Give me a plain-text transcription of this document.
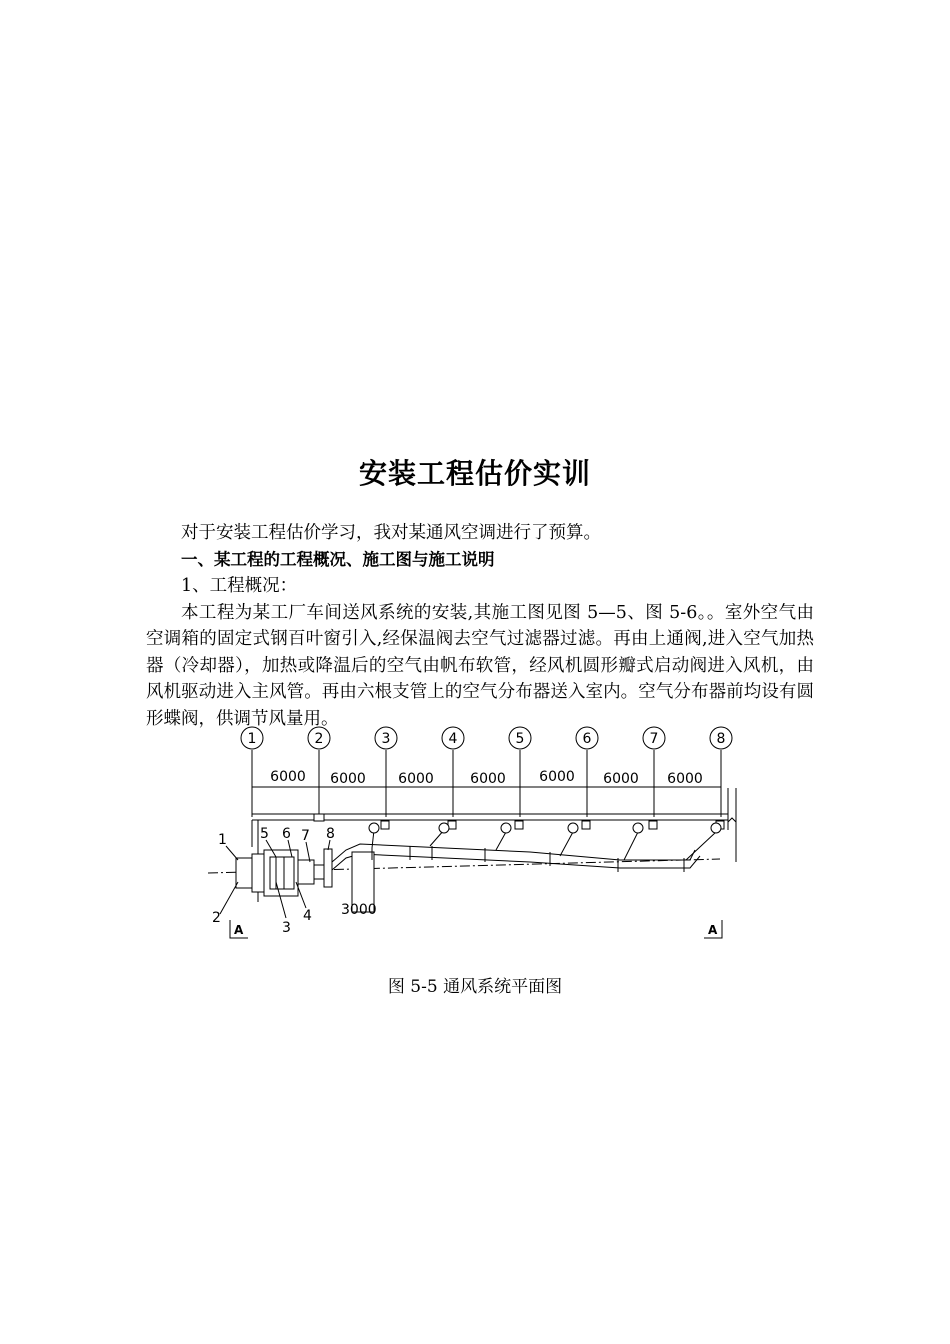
安装工程估价实训

对于安装工程估价学习，我对某通风空调进行了预算。

一、某工程的工程概况、施工图与施工说明

1、工程概况：

本工程为某工厂车间送风系统的安装,其施工图见图 5—5、图 5-6。。室外空气由空调箱的固定式钢百叶窗引入,经保温阀去空气过滤器过滤。再由上通阀,进入空气加热器（冷却器），加热或降温后的空气由帆布软管，经风机圆形瓣式启动阀进入风机，由风机驱动进入主风管。再由六根支管上的空气分布器送入室内。空气分布器前均设有圆形蝶阀，供调节风量用。

1	2	3	4	5	6	7	8
6000 6000 6000	6000 6000 6000 6000
1
2
3
4
5 6 7 8
3000
A	A
图 5-5 通风系统平面图
